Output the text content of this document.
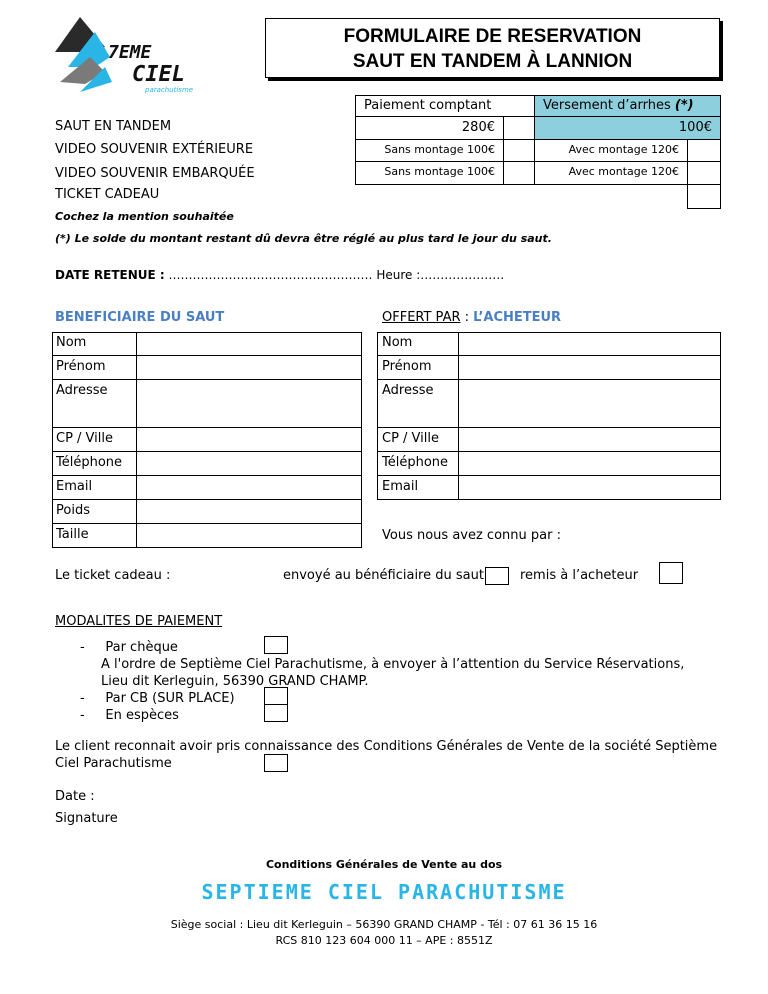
7EME
CIEL
parachutisme
FORMULAIRE DE RESERVATION
SAUT EN TANDEM À LANNION
Paiement comptant	Versement d’arrhes (*)
SAUT EN TANDEM	280€	100€
VIDEO SOUVENIR EXTÉRIEURE	Sans montage 100€	Avec montage 120€
VIDEO SOUVENIR EMBARQUÉE	Sans montage 100€	Avec montage 120€
TICKET CADEAU
Cochez la mention souhaitée
(*) Le solde du montant restant dû devra être réglé au plus tard le jour du saut.
DATE RETENUE : …………………………………………… Heure :…………………
BENEFICIAIRE DU SAUT	OFFERT PAR : L’ACHETEUR
Nom
Prénom
Adresse
CP / Ville
Téléphone
Email
Poids
Taille
Nom
Prénom
Adresse
CP / Ville
Téléphone
Email
Vous nous avez connu par :
Le ticket cadeau :	envoyé au bénéficiaire du saut	remis à l’acheteur
MODALITES DE PAIEMENT
-     Par chèque
A l'ordre de Septième Ciel Parachutisme, à envoyer à l’attention du Service Réservations,
Lieu dit Kerleguin, 56390 GRAND CHAMP.
-     Par CB (SUR PLACE)
-     En espèces
Le client reconnait avoir pris connaissance des Conditions Générales de Vente de la société Septième
Ciel Parachutisme
Date :
Signature
Conditions Générales de Vente au dos
SEPTIEME CIEL PARACHUTISME
Siège social : Lieu dit Kerleguin – 56390 GRAND CHAMP - Tél : 07 61 36 15 16
RCS 810 123 604 000 11 – APE : 8551Z
